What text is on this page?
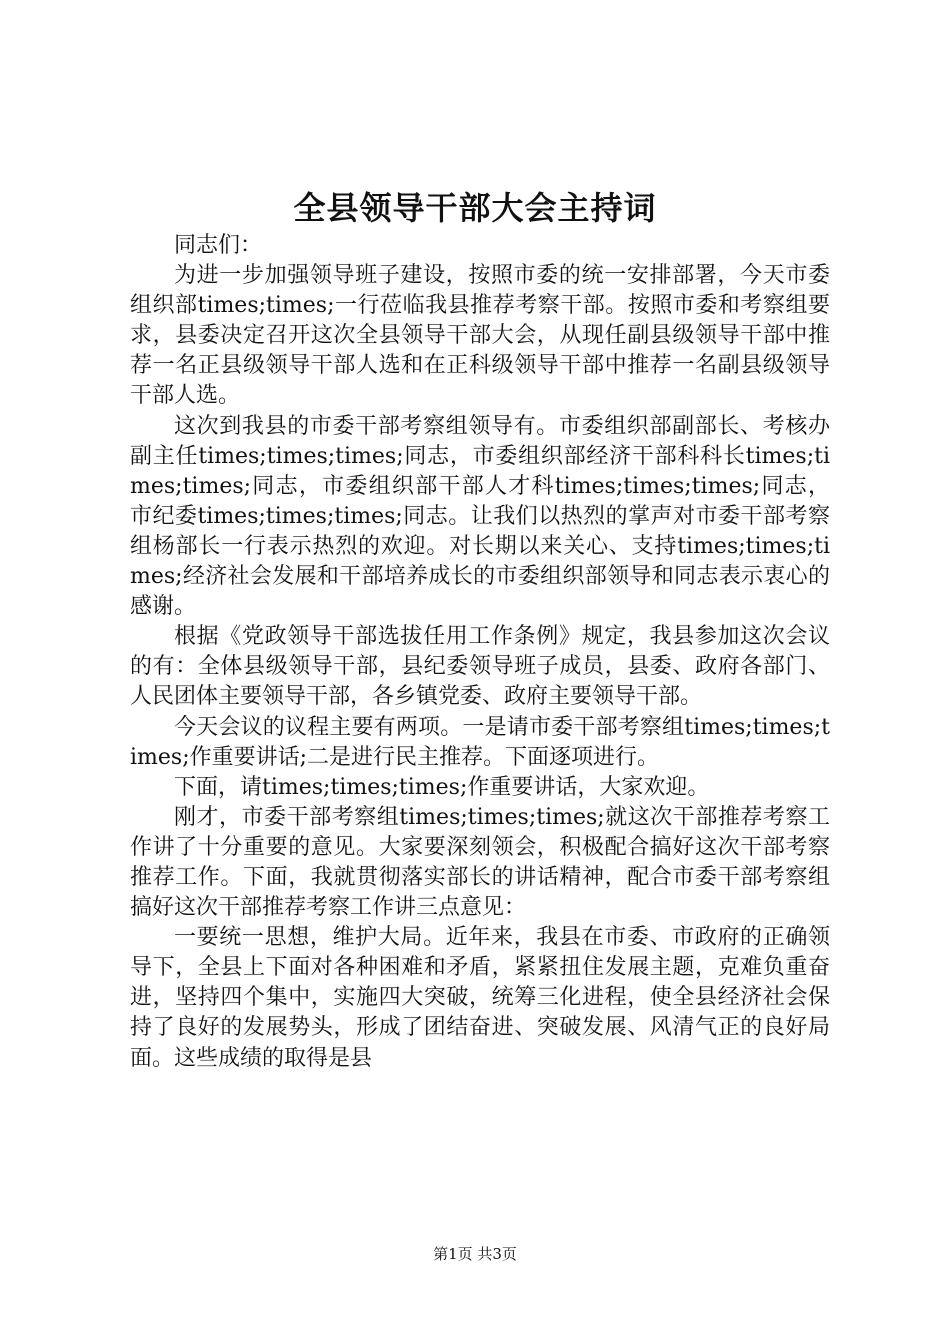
全县领导干部大会主持词

同志们：

为进一步加强领导班子建设，按照市委的统一安排部署，今天市委组织部times;times;一行莅临我县推荐考察干部。按照市委和考察组要求，县委决定召开这次全县领导干部大会，从现任副县级领导干部中推荐一名正县级领导干部人选和在正科级领导干部中推荐一名副县级领导干部人选。

这次到我县的市委干部考察组领导有。市委组织部副部长、考核办副主任times;times;times;同志，市委组织部经济干部科科长times;times;times;同志，市委组织部干部人才科times;times;times;同志，市纪委times;times;times;同志。让我们以热烈的掌声对市委干部考察组杨部长一行表示热烈的欢迎。对长期以来关心、支持times;times;times;经济社会发展和干部培养成长的市委组织部领导和同志表示衷心的感谢。

根据《党政领导干部选拔任用工作条例》规定，我县参加这次会议的有：全体县级领导干部，县纪委领导班子成员，县委、政府各部门、人民团体主要领导干部，各乡镇党委、政府主要领导干部。

今天会议的议程主要有两项。一是请市委干部考察组times;times;times;作重要讲话;二是进行民主推荐。下面逐项进行。

下面，请times;times;times;作重要讲话，大家欢迎。

刚才，市委干部考察组times;times;times;就这次干部推荐考察工作讲了十分重要的意见。大家要深刻领会，积极配合搞好这次干部考察推荐工作。下面，我就贯彻落实部长的讲话精神，配合市委干部考察组搞好这次干部推荐考察工作讲三点意见：

一要统一思想，维护大局。近年来，我县在市委、市政府的正确领导下，全县上下面对各种困难和矛盾，紧紧扭住发展主题，克难负重奋进，坚持四个集中，实施四大突破，统筹三化进程，使全县经济社会保持了良好的发展势头，形成了团结奋进、突破发展、风清气正的良好局面。这些成绩的取得是县

第1页 共3页
